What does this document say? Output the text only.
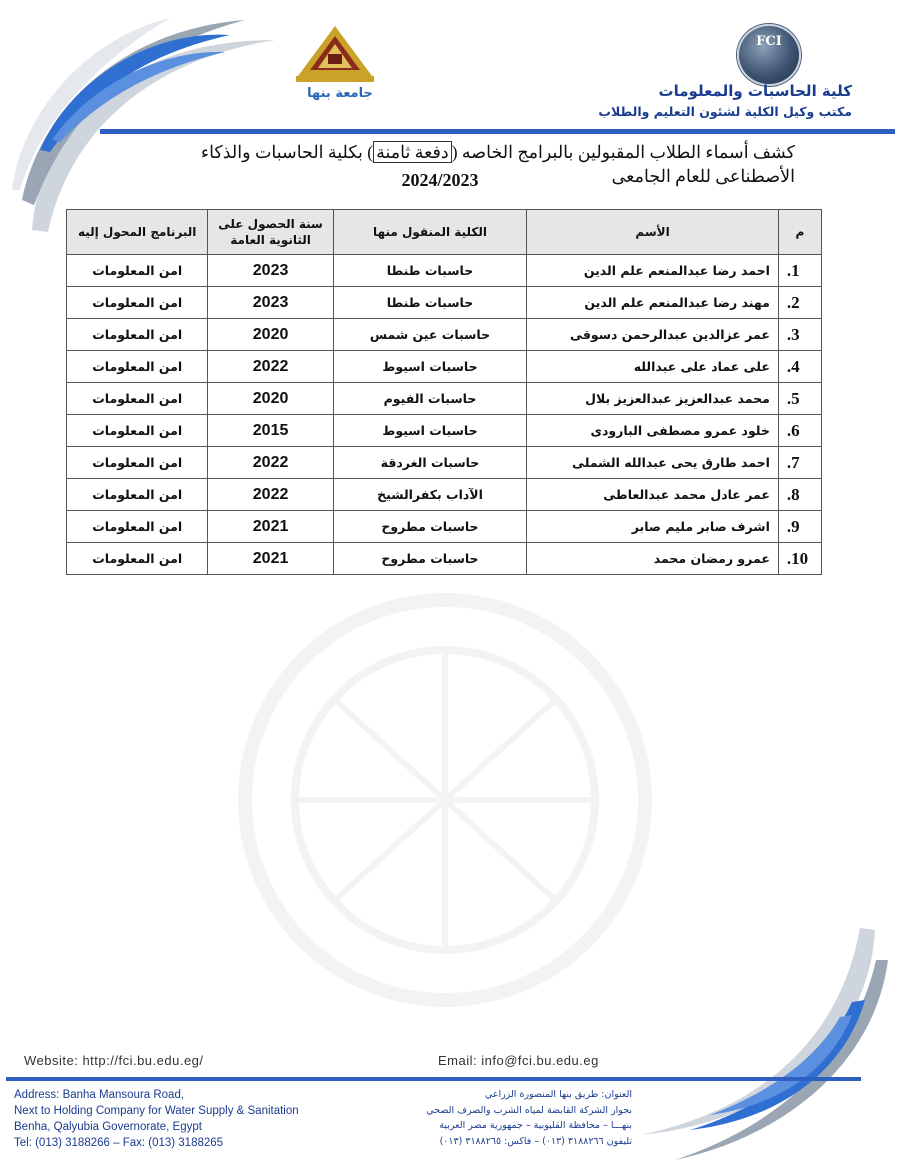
FCI
كلية الحاسبات والمعلومات
مكتب وكيل الكلية لشئون التعليم والطلاب
جامعة بنها
كشف أسماء الطلاب المقبولين بالبرامج الخاصه (دفعة ثامنة) بكلية الحاسبات والذكاء الأصطناعى للعام الجامعى
2024/2023
م	الأسم	الكلية المنقول منها	سنة الحصول على الثانوية العامة	البرنامج المحول إليه
1.	احمد رضا عبدالمنعم علم الدين	حاسبات طنطا	2023	امن المعلومات
2.	مهند رضا عبدالمنعم علم الدين	حاسبات طنطا	2023	امن المعلومات
3.	عمر عزالدين عبدالرحمن دسوقى	حاسبات عين شمس	2020	امن المعلومات
4.	على عماد على عبدالله	حاسبات اسيوط	2022	امن المعلومات
5.	محمد عبدالعزيز عبدالعزيز بلال	حاسبات الفيوم	2020	امن المعلومات
6.	خلود عمرو مصطفى البارودى	حاسبات اسيوط	2015	امن المعلومات
7.	احمد طارق يحى عبدالله الشملى	حاسبات الغردقة	2022	امن المعلومات
8.	عمر عادل محمد عبدالعاطى	الآداب بكفرالشيخ	2022	امن المعلومات
9.	اشرف صابر مليم صابر	حاسبات مطروح	2021	امن المعلومات
10.	عمرو رمضان محمد	حاسبات مطروح	2021	امن المعلومات
Website: http://fci.bu.edu.eg/	Email: info@fci.bu.edu.eg
Address: Banha Mansoura Road,
Next to Holding Company for Water Supply & Sanitation
Benha, Qalyubia Governorate, Egypt
Tel: (013) 3188266 – Fax: (013) 3188265
العنوان: طريق بنها المنصورة الزراعي
بجوار الشركة القابضة لمياه الشرب والصرف الصحي
بنهـــا – محافظة القليوبية – جمهورية مصر العربية
تليفون ٣١٨٨٢٦٦ (٠١٣) – فاكس: ٣١٨٨٢٦٥ (٠١٣)
